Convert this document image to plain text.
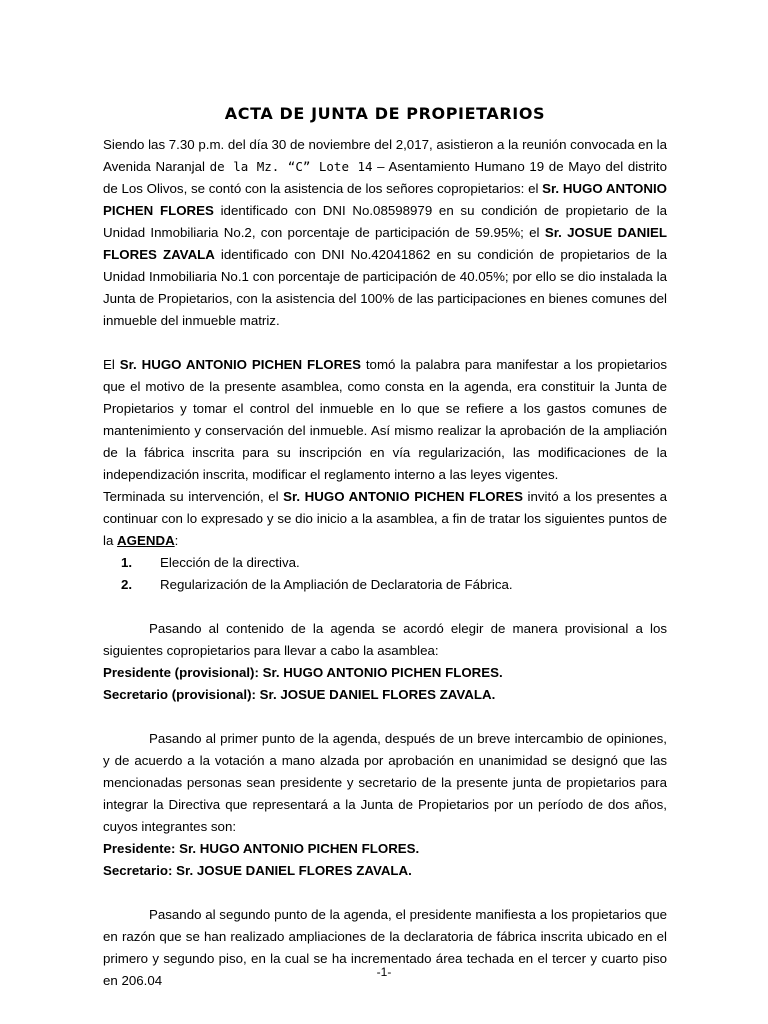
ACTA DE JUNTA DE PROPIETARIOS

Siendo las 7.30 p.m. del día 30 de noviembre del 2,017, asistieron a la reunión convocada en la Avenida Naranjal de la Mz. “C” Lote 14 – Asentamiento Humano 19 de Mayo del distrito de Los Olivos, se contó con la asistencia de los señores copropietarios: el Sr. HUGO ANTONIO PICHEN FLORES identificado con DNI No.08598979 en su condición de propietario de la Unidad Inmobiliaria No.2, con porcentaje de participación de 59.95%; el Sr. JOSUE DANIEL FLORES ZAVALA identificado con DNI No.42041862 en su condición de propietarios de la Unidad Inmobiliaria No.1 con porcentaje de participación de 40.05%; por ello se dio instalada la Junta de Propietarios, con la asistencia del 100% de las participaciones en bienes comunes del inmueble del inmueble matriz.

El Sr. HUGO ANTONIO PICHEN FLORES tomó la palabra para manifestar a los propietarios que el motivo de la presente asamblea, como consta en la agenda, era constituir la Junta de Propietarios y tomar el control del inmueble en lo que se refiere a los gastos comunes de mantenimiento y conservación del inmueble. Así mismo realizar la aprobación de la ampliación de la fábrica inscrita para su inscripción en vía regularización, las modificaciones de la independización inscrita, modificar el reglamento interno a las leyes vigentes.

Terminada su intervención, el Sr. HUGO ANTONIO PICHEN FLORES invitó a los presentes a continuar con lo expresado y se dio inicio a la asamblea, a fin de tratar los siguientes puntos de la AGENDA:

1.	Elección de la directiva.
2.	Regularización de la Ampliación de Declaratoria de Fábrica.

Pasando al contenido de la agenda se acordó elegir de manera provisional a los siguientes copropietarios para llevar a cabo la asamblea:

Presidente (provisional): Sr. HUGO ANTONIO PICHEN FLORES.
Secretario (provisional): Sr. JOSUE DANIEL FLORES ZAVALA.

Pasando al primer punto de la agenda, después de un breve intercambio de opiniones, y de acuerdo a la votación a mano alzada por aprobación en unanimidad se designó que las mencionadas personas sean presidente y secretario de la presente junta de propietarios para integrar la Directiva que representará a la Junta de Propietarios por un período de dos años, cuyos integrantes son:

Presidente: Sr. HUGO ANTONIO PICHEN FLORES.
Secretario: Sr. JOSUE DANIEL FLORES ZAVALA.

Pasando al segundo punto de la agenda, el presidente manifiesta a los propietarios que en razón que se han realizado ampliaciones de la declaratoria de fábrica inscrita ubicado en el primero y segundo piso, en la cual se ha incrementado área techada en el tercer y cuarto piso en 206.04

-1-
